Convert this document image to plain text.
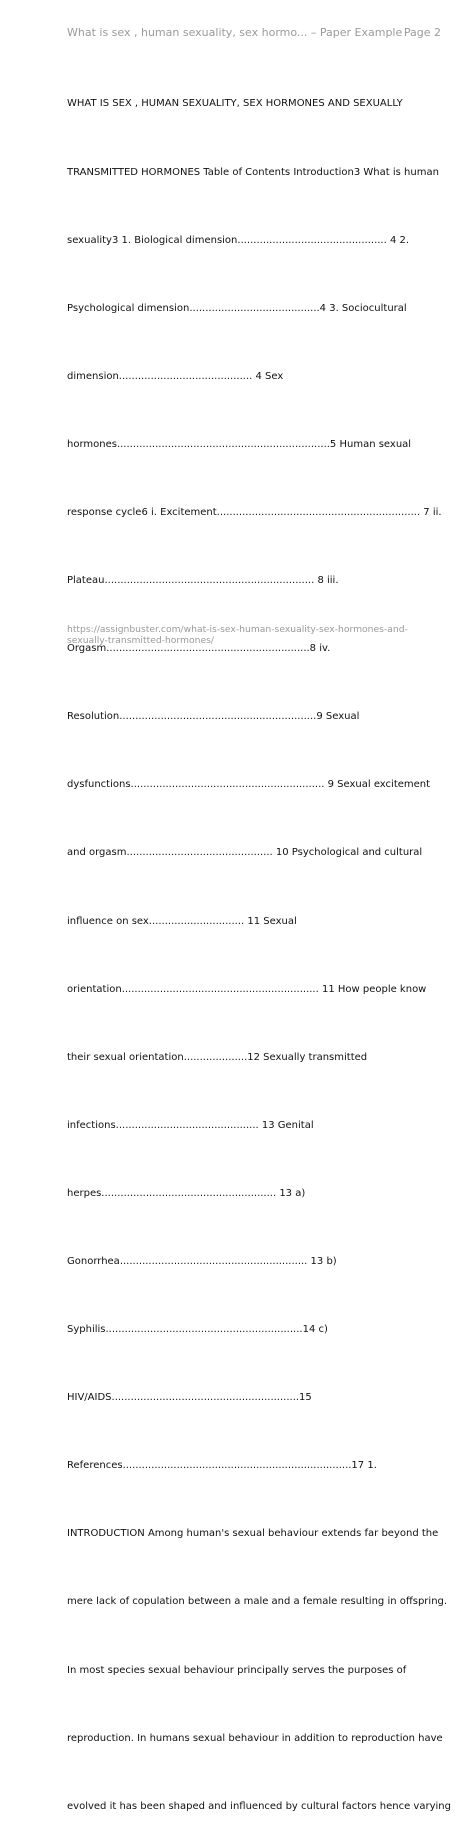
What is sex , human sexuality, sex hormo... – Paper Example Page 2

WHAT IS SEX , HUMAN SEXUALITY, SEX HORMONES AND SEXUALLY

TRANSMITTED HORMONES Table of Contents Introduction3 What is human

sexuality3 1. Biological dimension............................................... 4 2.

Psychological dimension.........................................4 3. Sociocultural

dimension.......................................... 4 Sex

hormones...................................................................5 Human sexual

response cycle6 i. Excitement................................................................ 7 ii.

Plateau.................................................................. 8 iii.

Orgasm................................................................8 iv.

Resolution..............................................................9 Sexual

dysfunctions............................................................. 9 Sexual excitement

and orgasm.............................................. 10 Psychological and cultural

influence on sex.............................. 11 Sexual

orientation.............................................................. 11 How people know

their sexual orientation....................12 Sexually transmitted

infections............................................. 13 Genital

herpes....................................................... 13 a)

Gonorrhea........................................................... 13 b)

Syphilis..............................................................14 c)

HIV/AIDS...........................................................15

References........................................................................17 1.

INTRODUCTION Among human's sexual behaviour extends far beyond the

mere lack of copulation between a male and a female resulting in offspring.

In most species sexual behaviour principally serves the purposes of

reproduction. In humans sexual behaviour in addition to reproduction have

evolved it has been shaped and influenced by cultural factors hence varying

https://assignbuster.com/what-is-sex-human-sexuality-sex-hormones-and-
sexually-transmitted-hormones/
